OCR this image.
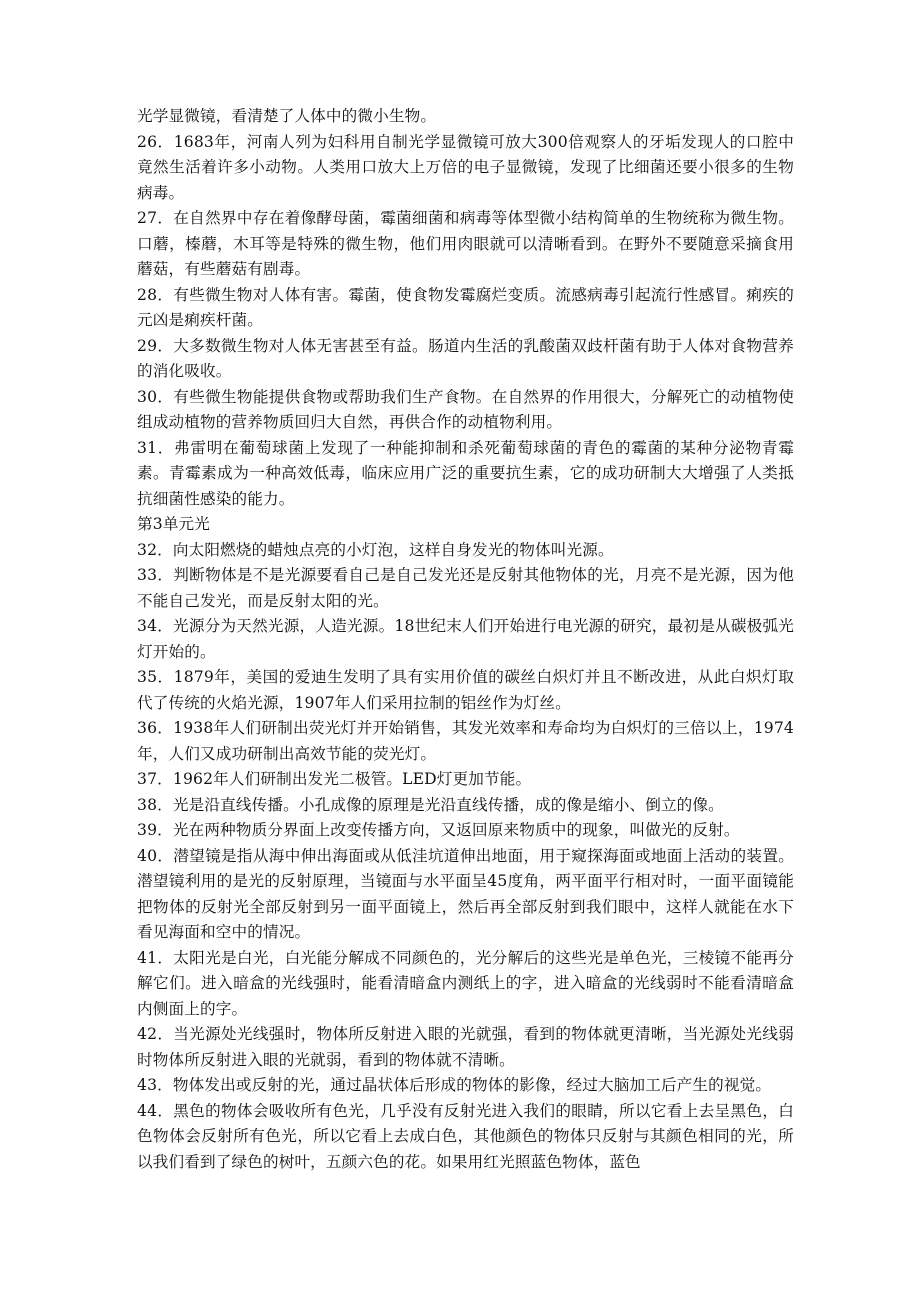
光学显微镜，看清楚了人体中的微小生物。

26．1683年，河南人列为妇科用自制光学显微镜可放大300倍观察人的牙垢发现人的口腔中竟然生活着许多小动物。人类用口放大上万倍的电子显微镜，发现了比细菌还要小很多的生物病毒。

27．在自然界中存在着像酵母菌，霉菌细菌和病毒等体型微小结构简单的生物统称为微生物。口蘑，榛蘑，木耳等是特殊的微生物，他们用肉眼就可以清晰看到。在野外不要随意采摘食用蘑菇，有些蘑菇有剧毒。

28．有些微生物对人体有害。霉菌，使食物发霉腐烂变质。流感病毒引起流行性感冒。痢疾的元凶是痢疾杆菌。

29．大多数微生物对人体无害甚至有益。肠道内生活的乳酸菌双歧杆菌有助于人体对食物营养的消化吸收。

30．有些微生物能提供食物或帮助我们生产食物。在自然界的作用很大，分解死亡的动植物使组成动植物的营养物质回归大自然，再供合作的动植物利用。

31．弗雷明在葡萄球菌上发现了一种能抑制和杀死葡萄球菌的青色的霉菌的某种分泌物青霉素。青霉素成为一种高效低毒，临床应用广泛的重要抗生素，它的成功研制大大增强了人类抵抗细菌性感染的能力。

第3单元光

32．向太阳燃烧的蜡烛点亮的小灯泡，这样自身发光的物体叫光源。

33．判断物体是不是光源要看自己是自己发光还是反射其他物体的光，月亮不是光源，因为他不能自己发光，而是反射太阳的光。

34．光源分为天然光源，人造光源。18世纪末人们开始进行电光源的研究，最初是从碳极弧光灯开始的。

35．1879年，美国的爱迪生发明了具有实用价值的碳丝白炽灯并且不断改进，从此白炽灯取代了传统的火焰光源，1907年人们采用拉制的铝丝作为灯丝。

36．1938年人们研制出荧光灯并开始销售，其发光效率和寿命均为白炽灯的三倍以上，1974年，人们又成功研制出高效节能的荧光灯。

37．1962年人们研制出发光二极管。LED灯更加节能。

38．光是沿直线传播。小孔成像的原理是光沿直线传播，成的像是缩小、倒立的像。

39．光在两种物质分界面上改变传播方向，又返回原来物质中的现象，叫做光的反射。

40．潜望镜是指从海中伸出海面或从低洼坑道伸出地面，用于窥探海面或地面上活动的装置。潜望镜利用的是光的反射原理，当镜面与水平面呈45度角，两平面平行相对时，一面平面镜能把物体的反射光全部反射到另一面平面镜上，然后再全部反射到我们眼中，这样人就能在水下看见海面和空中的情况。

41．太阳光是白光，白光能分解成不同颜色的，光分解后的这些光是单色光，三棱镜不能再分解它们。进入暗盒的光线强时，能看清暗盒内测纸上的字，进入暗盒的光线弱时不能看清暗盒内侧面上的字。

42．当光源处光线强时，物体所反射进入眼的光就强，看到的物体就更清晰，当光源处光线弱时物体所反射进入眼的光就弱，看到的物体就不清晰。

43．物体发出或反射的光，通过晶状体后形成的物体的影像，经过大脑加工后产生的视觉。

44．黑色的物体会吸收所有色光，几乎没有反射光进入我们的眼睛，所以它看上去呈黑色，白色物体会反射所有色光，所以它看上去成白色，其他颜色的物体只反射与其颜色相同的光，所以我们看到了绿色的树叶，五颜六色的花。如果用红光照蓝色物体，蓝色
